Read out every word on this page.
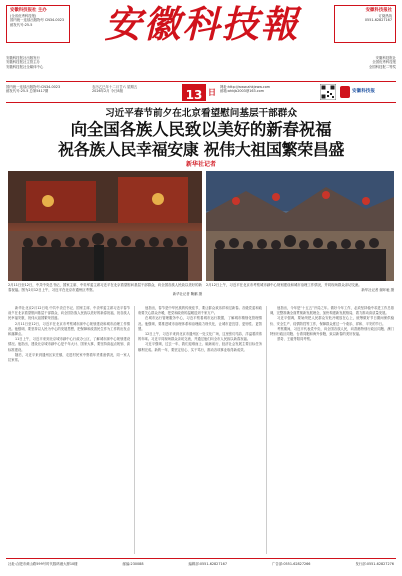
安徽科技报社 主办
(全省优秀科技报)
国内统一连续出版物号 CN34-0023
邮发代号:25-5	安徽科技報	安徽科技报社
订阅热线
0551-62827167
安徽科技报社出版发行
安徽科技报社主管主办
安徽科技报社全媒体中心
安徽科技报社
全国优秀科技报
全国科技报二等奖
国内统一连续出版物号:CN34-0023
邮发代号:25-5 总第5417期
农历乙巳年十二月廿六 星期五
2026年2月 今日8版	13 日
网址:http://www.ahkjxww.com
邮箱:ahkjb2003@163.com	安徽科技报
习近平春节前夕在北京看望慰问基层干部群众
向全国各族人民致以美好的新春祝福
祝各族人民幸福安康 祝伟大祖国繁荣昌盛
新华社记者
2月11日至12日，中共中央总书记、国家主席、中央军委主席习近平在北京看望慰问基层干部群众，向全国各族人民致以美好的新春祝福。图为2月12日上午，习近平在北京市通州区考察。
新华社记者 鞠鹏 摄
2月12日上午，习近平在北京市考察城市副中心规划建设和城市治理工作情况，并同现场群众亲切交流。
新华社记者 谢环驰 摄

新华社北京2月12日电 中共中央总书记、国家主席、中央军委主席习近平春节前夕在北京看望慰问基层干部群众，向全国各族人民致以美好的新春祝福，祝各族人民幸福安康，祝伟大祖国繁荣昌盛。

2月11日至12日，习近平在北京市考察城市副中心规划建设和城市治理工作情况。他强调，要坚持以人民为中心的发展思想，把保障和改善民生作为工作的出发点和落脚点。

11日上午，习近平来到北京城市副中心行政办公区，了解城市副中心规划建设情况。他指出，建设北京城市副中心是千年大计、国家大事，要坚持高起点规划、高标准建设。

随后，习近平来到通州区宋庄镇，走进村民家中察看年货准备情况，同一家人拉家常。

他指出，春节是中华民族的传统佳节，要让群众欢乐祥和过新春。各级党委和政府要关心群众冷暖，把党和政府的温暖送到千家万户。

在城市运行管理服务中心，习近平察看城市运行数据，了解城市精细化管理情况。他强调，要推进城市治理体系和治理能力现代化，让城市更宜居、更韧性、更智慧。

12日上午，习近平来到北京市通州区一处文化广场，这里张灯结彩，洋溢着浓浓的年味。习近平同现场群众亲切交流，并通过他们向全市人民致以新春祝福。

习近平强调，过去一年，我们迎难而上、砥砺前行，经济社会发展主要目标任务顺利完成。新的一年，要坚定信心、实干笃行，推动各项事业取得新成效。

他指出，今年是“十五五”开局之年。做好今年工作，必须坚持稳中求进工作总基调，完整准确全面贯彻新发展理念，加快构建新发展格局，着力推动高质量发展。

习近平强调，要始终把人民群众安危冷暖放在心上，统筹做好节日期间保供稳价、安全生产、疫情防控等工作，保障群众度过一个欢乐、祥和、平安的节日。

考察期间，习近平代表党中央，向全国各族人民，向香港特别行政区同胞、澳门特别行政区同胞、台湾同胞和海外侨胞，致以新春的美好祝福。

蔡奇、王毅等陪同考察。

社址:合肥市黄山路599号时代数码港大厦10楼	邮编:230088	编辑部:0551-62827167	广告部:0551-62827266	发行部:0551-62827276
